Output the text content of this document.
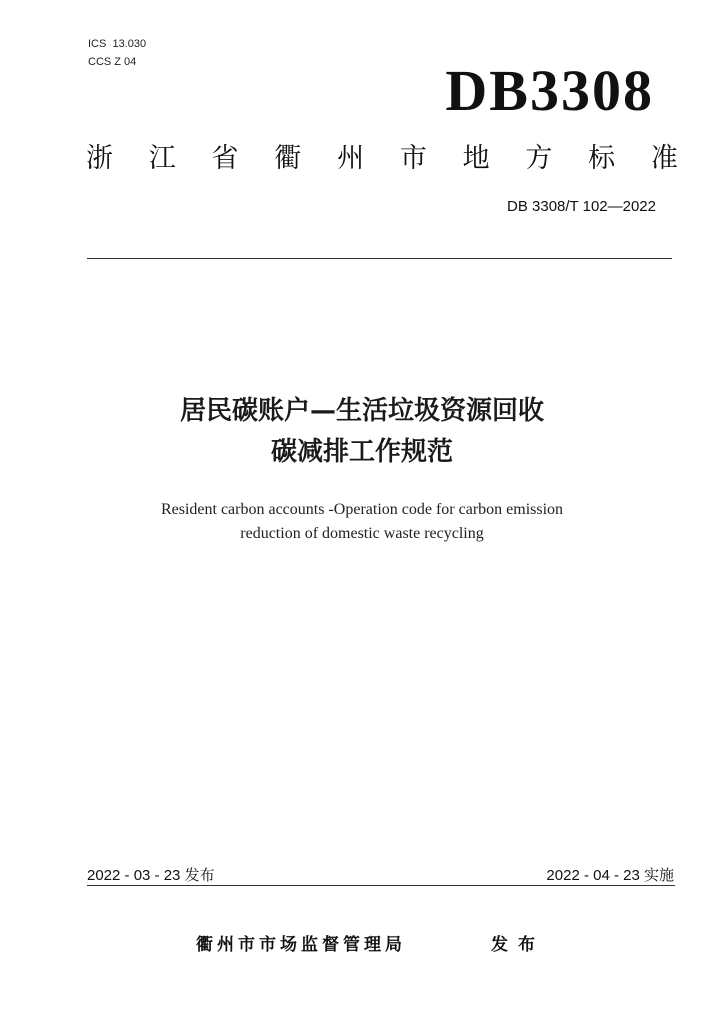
ICS  13.030
CCS Z 04	DB3308
浙 江 省 衢 州 市 地 方 标 准
DB 3308/T 102—2022
居民碳账户—生活垃圾资源回收
碳减排工作规范
Resident carbon accounts -Operation code for carbon emission
reduction of domestic waste recycling
2022 - 03 - 23 发布	2022 - 04 - 23 实施
衢州市市场监督管理局	发布
